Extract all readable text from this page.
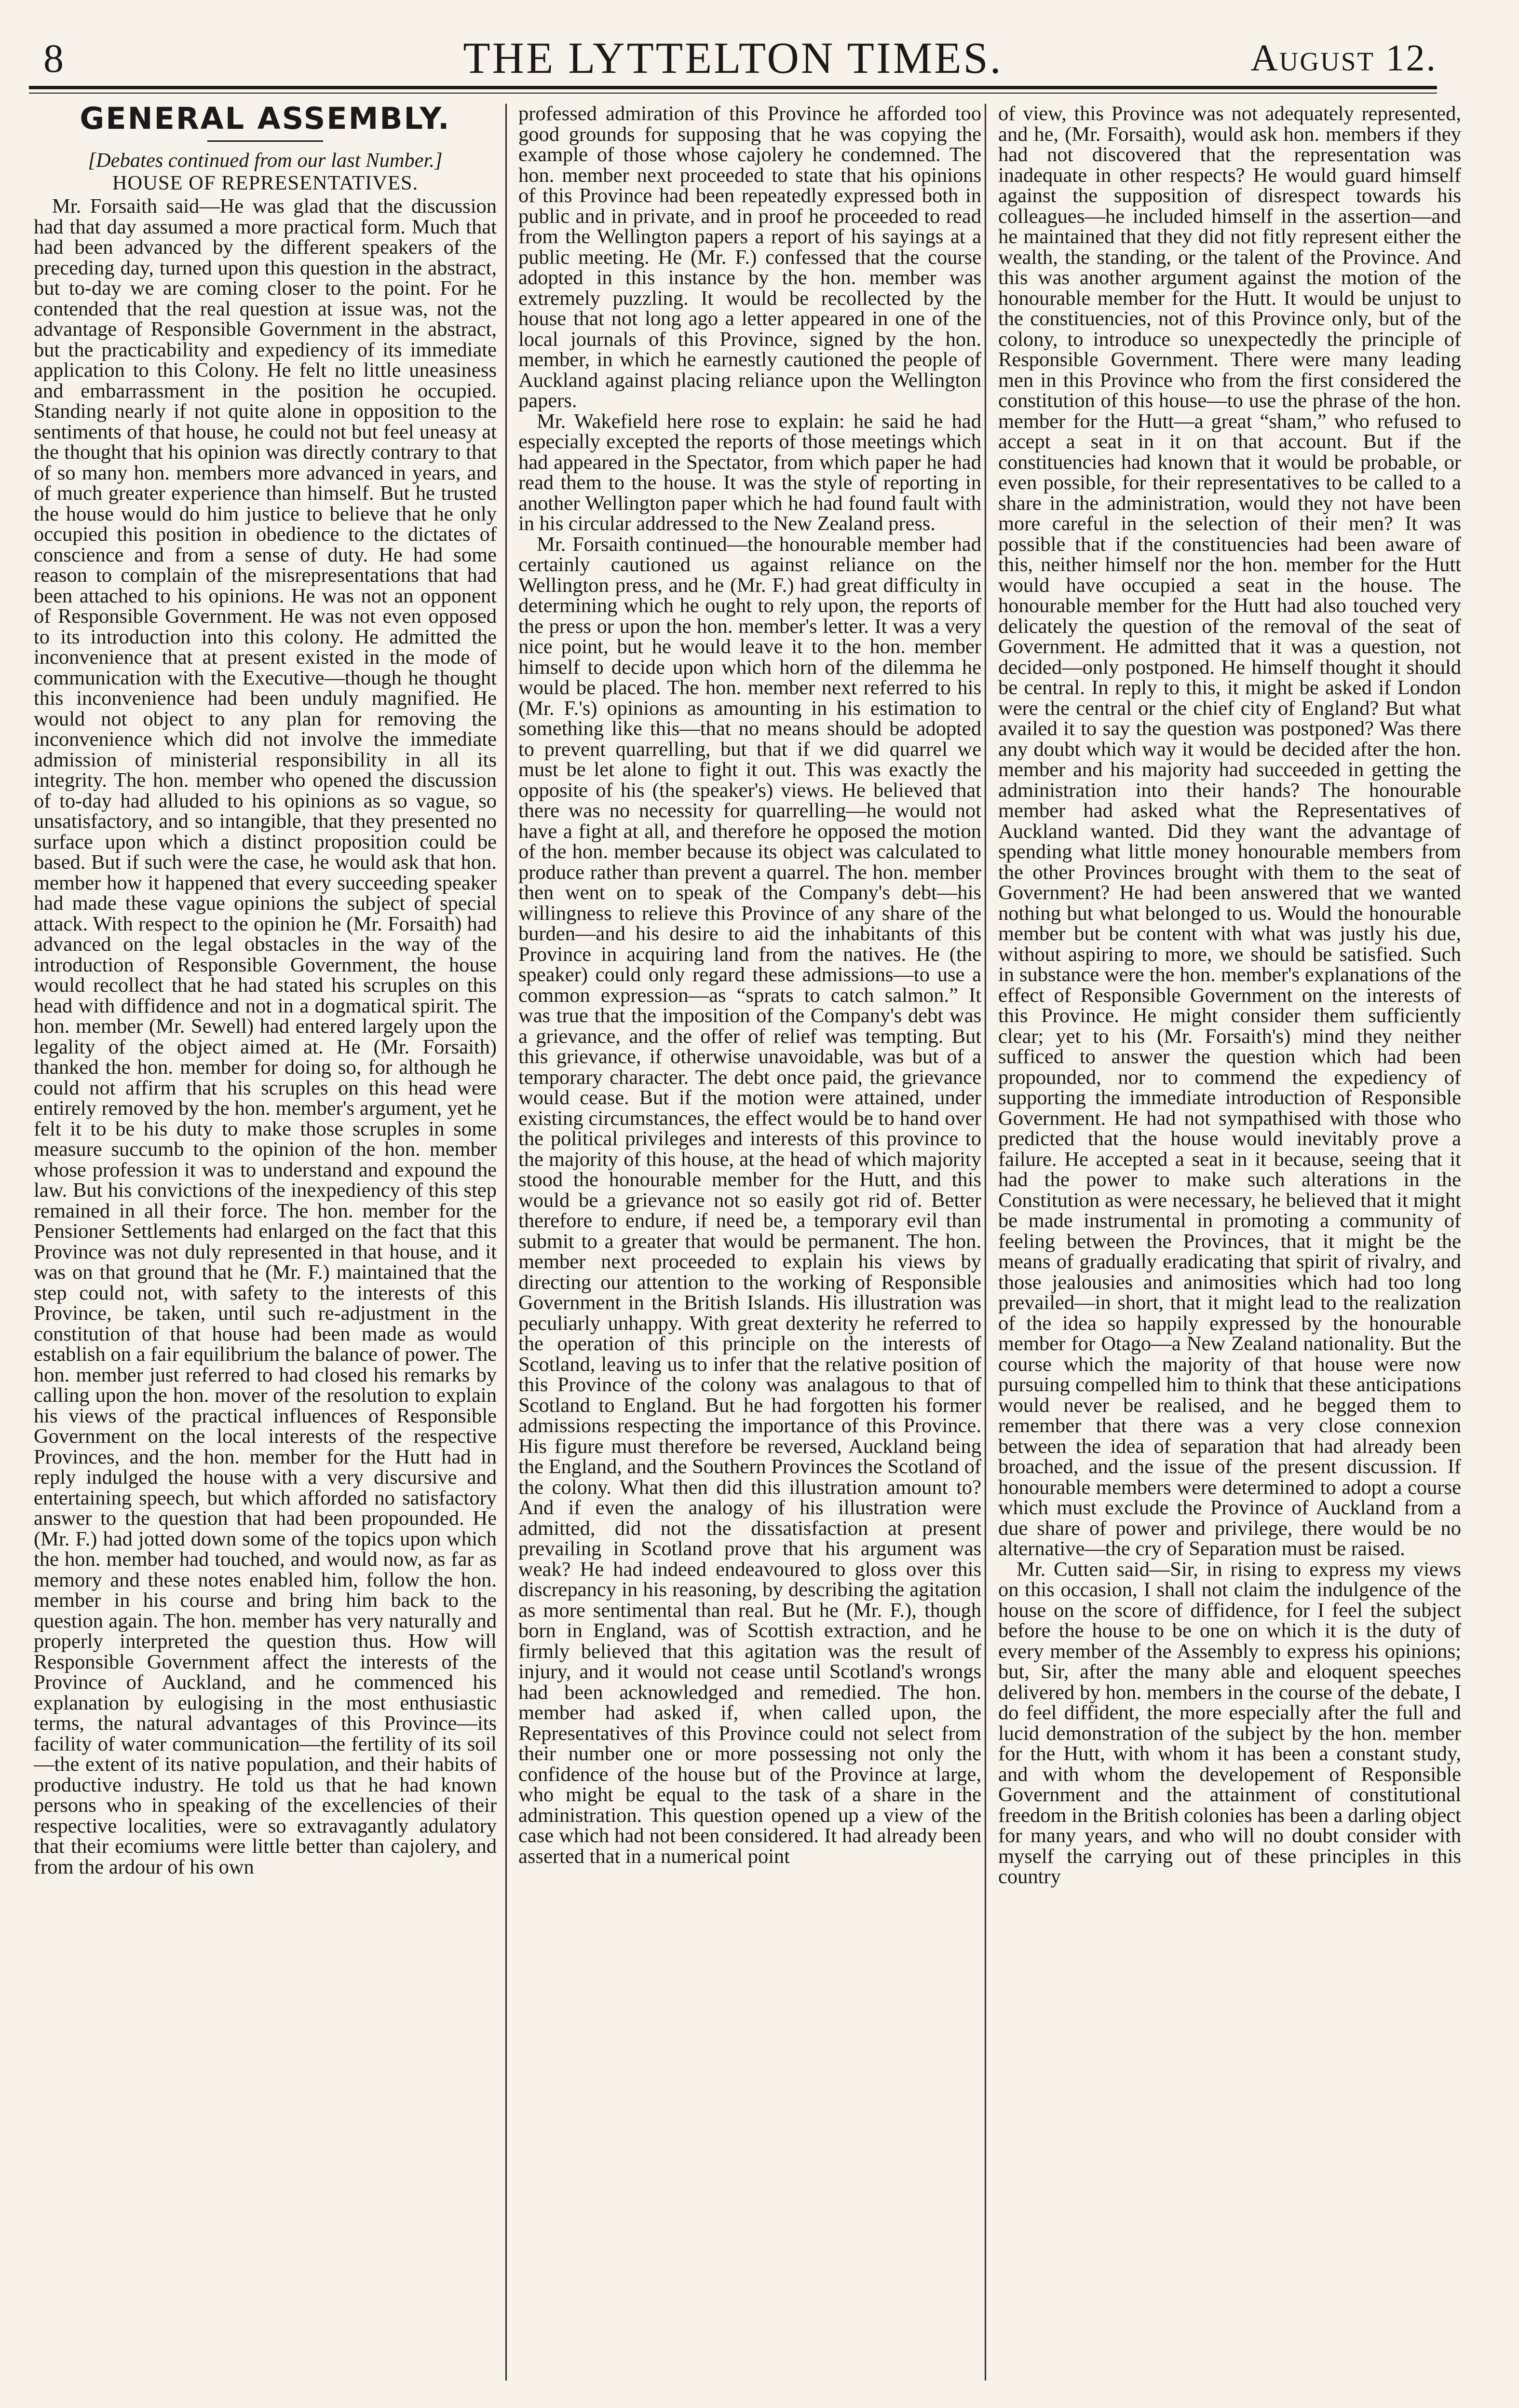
8	THE LYTTELTON TIMES.	August 12.
GENERAL ASSEMBLY.
[Debates continued from our last Number.]
HOUSE OF REPRESENTATIVES.

Mr. Forsaith said—He was glad that the discussion had that day assumed a more practical form. Much that had been advanced by the different speakers of the preceding day, turned upon this question in the abstract, but to-day we are coming closer to the point. For he contended that the real question at issue was, not the advantage of Responsible Government in the abstract, but the practicability and expediency of its immediate application to this Colony. He felt no little uneasiness and embarrassment in the position he occupied. Standing nearly if not quite alone in opposition to the sentiments of that house, he could not but feel uneasy at the thought that his opinion was directly contrary to that of so many hon. members more advanced in years, and of much greater experience than himself. But he trusted the house would do him justice to believe that he only occupied this position in obedience to the dictates of conscience and from a sense of duty. He had some reason to complain of the misrepresentations that had been attached to his opinions. He was not an opponent of Responsible Government. He was not even opposed to its introduction into this colony. He admitted the inconvenience that at present existed in the mode of communication with the Executive—though he thought this inconvenience had been unduly magnified. He would not object to any plan for removing the inconvenience which did not involve the immediate admission of ministerial responsibility in all its integrity. The hon. member who opened the discussion of to-day had alluded to his opinions as so vague, so unsatisfactory, and so intangible, that they presented no surface upon which a distinct proposition could be based. But if such were the case, he would ask that hon. member how it happened that every succeeding speaker had made these vague opinions the subject of special attack. With respect to the opinion he (Mr. Forsaith) had advanced on the legal obstacles in the way of the introduction of Responsible Government, the house would recollect that he had stated his scruples on this head with diffidence and not in a dogmatical spirit. The hon. member (Mr. Sewell) had entered largely upon the legality of the object aimed at. He (Mr. Forsaith) thanked the hon. member for doing so, for although he could not affirm that his scruples on this head were entirely removed by the hon. member's argument, yet he felt it to be his duty to make those scruples in some measure succumb to the opinion of the hon. member whose profession it was to understand and expound the law. But his convictions of the inexpediency of this step remained in all their force. The hon. member for the Pensioner Settlements had enlarged on the fact that this Province was not duly represented in that house, and it was on that ground that he (Mr. F.) maintained that the step could not, with safety to the interests of this Province, be taken, until such re-adjustment in the constitution of that house had been made as would establish on a fair equilibrium the balance of power. The hon. member just referred to had closed his remarks by calling upon the hon. mover of the resolution to explain his views of the practical influences of Responsible Government on the local interests of the respective Provinces, and the hon. member for the Hutt had in reply indulged the house with a very discursive and entertaining speech, but which afforded no satisfactory answer to the question that had been propounded. He (Mr. F.) had jotted down some of the topics upon which the hon. member had touched, and would now, as far as memory and these notes enabled him, follow the hon. member in his course and bring him back to the question again. The hon. member has very naturally and properly interpreted the question thus. How will Responsible Government affect the interests of the Province of Auckland, and he commenced his explanation by eulogising in the most enthusiastic terms, the natural advantages of this Province—its facility of water communication—the fertility of its soil—the extent of its native population, and their habits of productive industry. He told us that he had known persons who in speaking of the excellencies of their respective localities, were so extravagantly adulatory that their ecomiums were little better than cajolery, and from the ardour of his own

professed admiration of this Province he afforded too good grounds for supposing that he was copying the example of those whose cajolery he condemned. The hon. member next proceeded to state that his opinions of this Province had been repeatedly expressed both in public and in private, and in proof he proceeded to read from the Wellington papers a report of his sayings at a public meeting. He (Mr. F.) confessed that the course adopted in this instance by the hon. member was extremely puzzling. It would be recollected by the house that not long ago a letter appeared in one of the local journals of this Province, signed by the hon. member, in which he earnestly cautioned the people of Auckland against placing reliance upon the Wellington papers.

Mr. Wakefield here rose to explain: he said he had especially excepted the reports of those meetings which had appeared in the Spectator, from which paper he had read them to the house. It was the style of reporting in another Wellington paper which he had found fault with in his circular addressed to the New Zealand press.

Mr. Forsaith continued—the honourable member had certainly cautioned us against reliance on the Wellington press, and he (Mr. F.) had great difficulty in determining which he ought to rely upon, the reports of the press or upon the hon. member's letter. It was a very nice point, but he would leave it to the hon. member himself to decide upon which horn of the dilemma he would be placed. The hon. member next referred to his (Mr. F.'s) opinions as amounting in his estimation to something like this—that no means should be adopted to prevent quarrelling, but that if we did quarrel we must be let alone to fight it out. This was exactly the opposite of his (the speaker's) views. He believed that there was no necessity for quarrelling—he would not have a fight at all, and therefore he opposed the motion of the hon. member because its object was calculated to produce rather than prevent a quarrel. The hon. member then went on to speak of the Company's debt—his willingness to relieve this Province of any share of the burden—and his desire to aid the inhabitants of this Province in acquiring land from the natives. He (the speaker) could only regard these admissions—to use a common expression—as “sprats to catch salmon.” It was true that the imposition of the Company's debt was a grievance, and the offer of relief was tempting. But this grievance, if otherwise unavoidable, was but of a temporary character. The debt once paid, the grievance would cease. But if the motion were attained, under existing circumstances, the effect would be to hand over the political privileges and interests of this province to the majority of this house, at the head of which majority stood the honourable member for the Hutt, and this would be a grievance not so easily got rid of. Better therefore to endure, if need be, a temporary evil than submit to a greater that would be permanent. The hon. member next proceeded to explain his views by directing our attention to the working of Responsible Government in the British Islands. His illustration was peculiarly unhappy. With great dexterity he referred to the operation of this principle on the interests of Scotland, leaving us to infer that the relative position of this Province of the colony was analagous to that of Scotland to England. But he had forgotten his former admissions respecting the importance of this Province. His figure must therefore be reversed, Auckland being the England, and the Southern Provinces the Scotland of the colony. What then did this illustration amount to? And if even the analogy of his illustration were admitted, did not the dissatisfaction at present prevailing in Scotland prove that his argument was weak? He had indeed endeavoured to gloss over this discrepancy in his reasoning, by describing the agitation as more sentimental than real. But he (Mr. F.), though born in England, was of Scottish extraction, and he firmly believed that this agitation was the result of injury, and it would not cease until Scotland's wrongs had been acknowledged and remedied. The hon. member had asked if, when called upon, the Representatives of this Province could not select from their number one or more possessing not only the confidence of the house but of the Province at large, who might be equal to the task of a share in the administration. This question opened up a view of the case which had not been considered. It had already been asserted that in a numerical point

of view, this Province was not adequately represented, and he, (Mr. Forsaith), would ask hon. members if they had not discovered that the representation was inadequate in other respects? He would guard himself against the supposition of disrespect towards his colleagues—he included himself in the assertion—and he maintained that they did not fitly represent either the wealth, the standing, or the talent of the Province. And this was another argument against the motion of the honourable member for the Hutt. It would be unjust to the constituencies, not of this Province only, but of the colony, to introduce so unexpectedly the principle of Responsible Government. There were many leading men in this Province who from the first considered the constitution of this house—to use the phrase of the hon. member for the Hutt—a great “sham,” who refused to accept a seat in it on that account. But if the constituencies had known that it would be probable, or even possible, for their representatives to be called to a share in the administration, would they not have been more careful in the selection of their men? It was possible that if the constituencies had been aware of this, neither himself nor the hon. member for the Hutt would have occupied a seat in the house. The honourable member for the Hutt had also touched very delicately the question of the removal of the seat of Government. He admitted that it was a question, not decided—only postponed. He himself thought it should be central. In reply to this, it might be asked if London were the central or the chief city of England? But what availed it to say the question was postponed? Was there any doubt which way it would be decided after the hon. member and his majority had succeeded in getting the administration into their hands? The honourable member had asked what the Representatives of Auckland wanted. Did they want the advantage of spending what little money honourable members from the other Provinces brought with them to the seat of Government? He had been answered that we wanted nothing but what belonged to us. Would the honourable member but be content with what was justly his due, without aspiring to more, we should be satisfied. Such in substance were the hon. member's explanations of the effect of Responsible Government on the interests of this Province. He might consider them sufficiently clear; yet to his (Mr. Forsaith's) mind they neither sufficed to answer the question which had been propounded, nor to commend the expediency of supporting the immediate introduction of Responsible Government. He had not sympathised with those who predicted that the house would inevitably prove a failure. He accepted a seat in it because, seeing that it had the power to make such alterations in the Constitution as were necessary, he believed that it might be made instrumental in promoting a community of feeling between the Provinces, that it might be the means of gradually eradicating that spirit of rivalry, and those jealousies and animosities which had too long prevailed—in short, that it might lead to the realization of the idea so happily expressed by the honourable member for Otago—a New Zealand nationality. But the course which the majority of that house were now pursuing compelled him to think that these anticipations would never be realised, and he begged them to remember that there was a very close connexion between the idea of separation that had already been broached, and the issue of the present discussion. If honourable members were determined to adopt a course which must exclude the Province of Auckland from a due share of power and privilege, there would be no alternative—the cry of Separation must be raised.

Mr. Cutten said—Sir, in rising to express my views on this occasion, I shall not claim the indulgence of the house on the score of diffidence, for I feel the subject before the house to be one on which it is the duty of every member of the Assembly to express his opinions; but, Sir, after the many able and eloquent speeches delivered by hon. members in the course of the debate, I do feel diffident, the more especially after the full and lucid demonstration of the subject by the hon. member for the Hutt, with whom it has been a constant study, and with whom the developement of Responsible Government and the attainment of constitutional freedom in the British colonies has been a darling object for many years, and who will no doubt consider with myself the carrying out of these principles in this country
